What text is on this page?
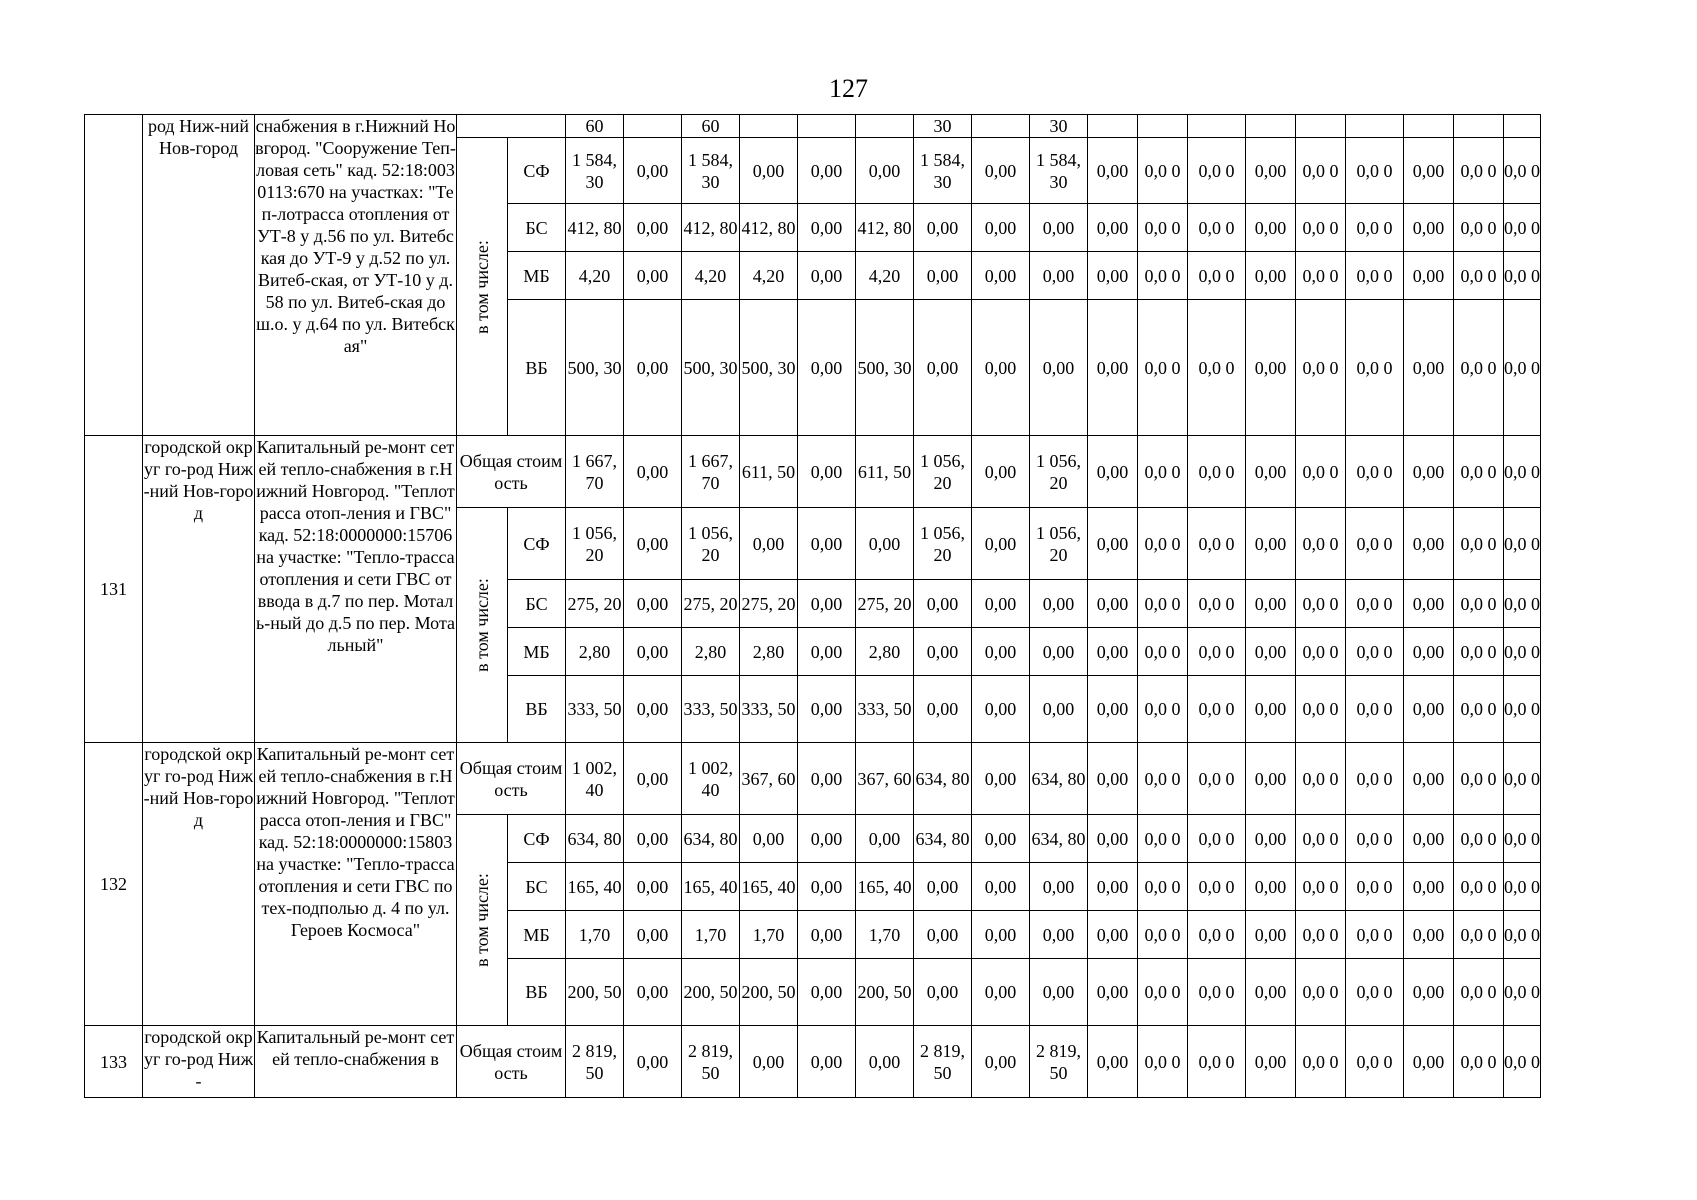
127
	род Ниж-ний Нов-город	снабжения в г.Нижний Новгород. "Сооружение Теп-ловая сеть" кад. 52:18:0030113:670 на участках: "Теп-лотрасса отопления от УТ-8 у д.56 по ул. Витебская до УТ-9 у д.52 по ул. Витеб-ская, от УТ-10 у д.58 по ул. Витеб-ская до ш.о. у д.64 по ул. Витебская"			60		60				30		30									

			в том числе:	СФ	1 584, 30	0,00	1 584, 30	0,00	0,00	0,00	1 584, 30	0,00	1 584, 30	0,00	0,0 0	0,0 0	0,00	0,0 0	0,0 0	0,00	0,0 0	0,0 0
				БС	412, 80	0,00	412, 80	412, 80	0,00	412, 80	0,00	0,00	0,00	0,00	0,0 0	0,0 0	0,00	0,0 0	0,0 0	0,00	0,0 0	0,0 0
				МБ	4,20	0,00	4,20	4,20	0,00	4,20	0,00	0,00	0,00	0,00	0,0 0	0,0 0	0,00	0,0 0	0,0 0	0,00	0,0 0	0,0 0
				ВБ	500, 30	0,00	500, 30	500, 30	0,00	500, 30	0,00	0,00	0,00	0,00	0,0 0	0,0 0	0,00	0,0 0	0,0 0	0,00	0,0 0	0,0 0
131	городской округ го-род Ниж-ний Нов-город	Капитальный ре-монт сетей тепло-снабжения в г.Нижний Новгород. "Теплотрасса отоп-ления и ГВС" кад. 52:18:0000000:15706 на участке: "Тепло-трасса отопления и сети ГВС от ввода в д.7 по пер. Моталь-ный до д.5 по пер. Мотальный"	Общая стоимость		1 667, 70	0,00	1 667, 70	611, 50	0,00	611, 50	1 056, 20	0,00	1 056, 20	0,00	0,0 0	0,0 0	0,00	0,0 0	0,0 0	0,00	0,0 0	0,0 0

			в том числе:	СФ	1 056, 20	0,00	1 056, 20	0,00	0,00	0,00	1 056, 20	0,00	1 056, 20	0,00	0,0 0	0,0 0	0,00	0,0 0	0,0 0	0,00	0,0 0	0,0 0
				БС	275, 20	0,00	275, 20	275, 20	0,00	275, 20	0,00	0,00	0,00	0,00	0,0 0	0,0 0	0,00	0,0 0	0,0 0	0,00	0,0 0	0,0 0
				МБ	2,80	0,00	2,80	2,80	0,00	2,80	0,00	0,00	0,00	0,00	0,0 0	0,0 0	0,00	0,0 0	0,0 0	0,00	0,0 0	0,0 0
				ВБ	333, 50	0,00	333, 50	333, 50	0,00	333, 50	0,00	0,00	0,00	0,00	0,0 0	0,0 0	0,00	0,0 0	0,0 0	0,00	0,0 0	0,0 0
132	городской округ го-род Ниж-ний Нов-город	Капитальный ре-монт сетей тепло-снабжения в г.Нижний Новгород. "Теплотрасса отоп-ления и ГВС" кад. 52:18:0000000:15803 на участке: "Тепло-трасса отопления и сети ГВС по тех-подполью д. 4 по ул. Героев Космоса"	Общая стоимость		1 002, 40	0,00	1 002, 40	367, 60	0,00	367, 60	634, 80	0,00	634, 80	0,00	0,0 0	0,0 0	0,00	0,0 0	0,0 0	0,00	0,0 0	0,0 0

			в том числе:	СФ	634, 80	0,00	634, 80	0,00	0,00	0,00	634, 80	0,00	634, 80	0,00	0,0 0	0,0 0	0,00	0,0 0	0,0 0	0,00	0,0 0	0,0 0
				БС	165, 40	0,00	165, 40	165, 40	0,00	165, 40	0,00	0,00	0,00	0,00	0,0 0	0,0 0	0,00	0,0 0	0,0 0	0,00	0,0 0	0,0 0
				МБ	1,70	0,00	1,70	1,70	0,00	1,70	0,00	0,00	0,00	0,00	0,0 0	0,0 0	0,00	0,0 0	0,0 0	0,00	0,0 0	0,0 0
				ВБ	200, 50	0,00	200, 50	200, 50	0,00	200, 50	0,00	0,00	0,00	0,00	0,0 0	0,0 0	0,00	0,0 0	0,0 0	0,00	0,0 0	0,0 0
133	городской округ го-род Ниж-	Капитальный ре-монт сетей тепло-снабжения в	Общая стоимость		2 819, 50	0,00	2 819, 50	0,00	0,00	0,00	2 819, 50	0,00	2 819, 50	0,00	0,0 0	0,0 0	0,00	0,0 0	0,0 0	0,00	0,0 0	0,0 0
